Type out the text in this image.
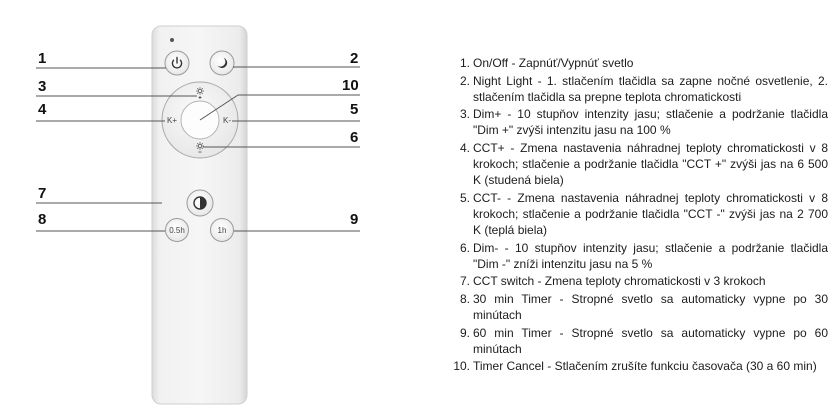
K+	K-
0.5h	1h
1	2
3	10
4	5
6
7
8	9
1. On/Off - Zapnúť/Vypnúť svetlo
2. Night Light - 1. stlačením tlačidla sa zapne nočné osvetlenie, 2. stlačením tlačidla sa prepne teplota chromatickosti
3. Dim+ - 10 stupňov intenzity jasu; stlačenie a podržanie tlačidla "Dim +" zvýši intenzitu jasu na 100 %
4. CCT+ - Zmena nastavenia náhradnej teploty chromatickosti v 8 krokoch; stlačenie a podržanie tlačidla "CCT +" zvýši jas na 6 500 K (studená biela)
5. CCT- - Zmena nastavenia náhradnej teploty chromatickosti v 8 krokoch; stlačenie a podržanie tlačidla "CCT -" zvýši jas na 2 700 K (teplá biela)
6. Dim- - 10 stupňov intenzity jasu; stlačenie a podržanie tlačidla "Dim -" zníži intenzitu jasu na 5 %
7. CCT switch - Zmena teploty chromatickosti v 3 krokoch
8. 30 min Timer - Stropné svetlo sa automaticky vypne po 30 minútach
9. 60 min Timer - Stropné svetlo sa automaticky vypne po 60 minútach
10. Timer Cancel - Stlačením zrušíte funkciu časovača (30 a 60 min)
